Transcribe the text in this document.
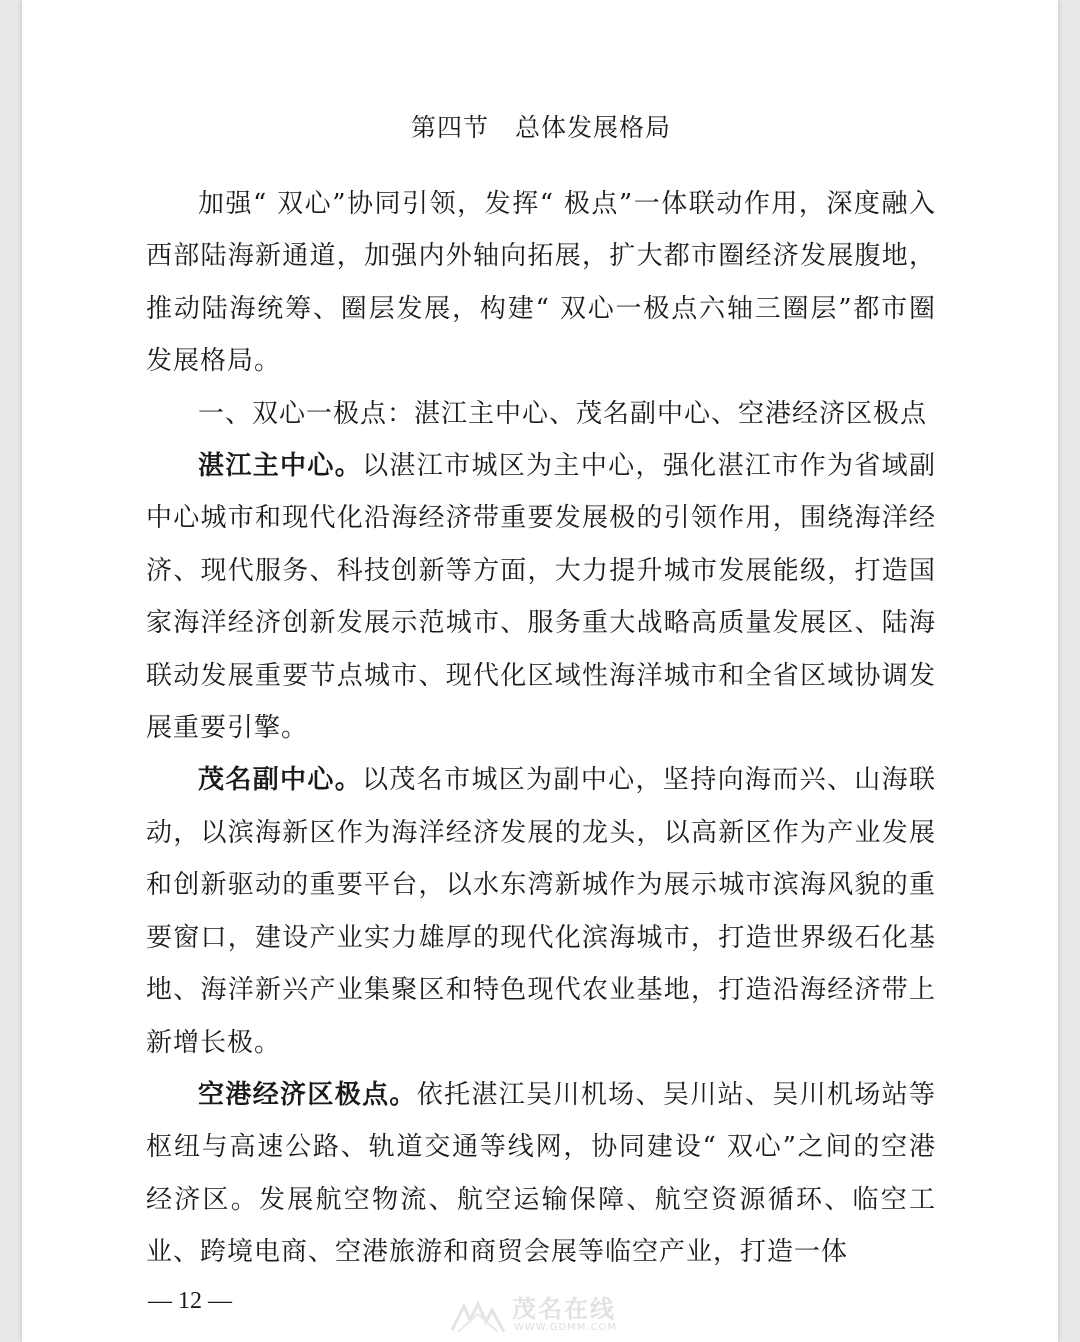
第四节　总体发展格局

加强“ 双心”协同引领，发挥“ 极点”一体联动作用，深度融入西部陆海新通道，加强内外轴向拓展，扩大都市圈经济发展腹地，推动陆海统筹、圈层发展，构建“ 双心一极点六轴三圈层”都市圈发展格局。

一、双心一极点：湛江主中心、茂名副中心、空港经济区极点

湛江主中心。以湛江市城区为主中心，强化湛江市作为省域副中心城市和现代化沿海经济带重要发展极的引领作用，围绕海洋经济、现代服务、科技创新等方面，大力提升城市发展能级，打造国家海洋经济创新发展示范城市、服务重大战略高质量发展区、陆海联动发展重要节点城市、现代化区域性海洋城市和全省区域协调发展重要引擎。

茂名副中心。以茂名市城区为副中心，坚持向海而兴、山海联动，以滨海新区作为海洋经济发展的龙头，以高新区作为产业发展和创新驱动的重要平台，以水东湾新城作为展示城市滨海风貌的重要窗口，建设产业实力雄厚的现代化滨海城市，打造世界级石化基地、海洋新兴产业集聚区和特色现代农业基地，打造沿海经济带上新增长极。

空港经济区极点。依托湛江吴川机场、吴川站、吴川机场站等枢纽与高速公路、轨道交通等线网，协同建设“ 双心”之间的空港经济区。发展航空物流、航空运输保障、航空资源循环、临空工业、跨境电商、空港旅游和商贸会展等临空产业，打造一体

— 12 —	茂名在线
WWW.GDMM.COM
